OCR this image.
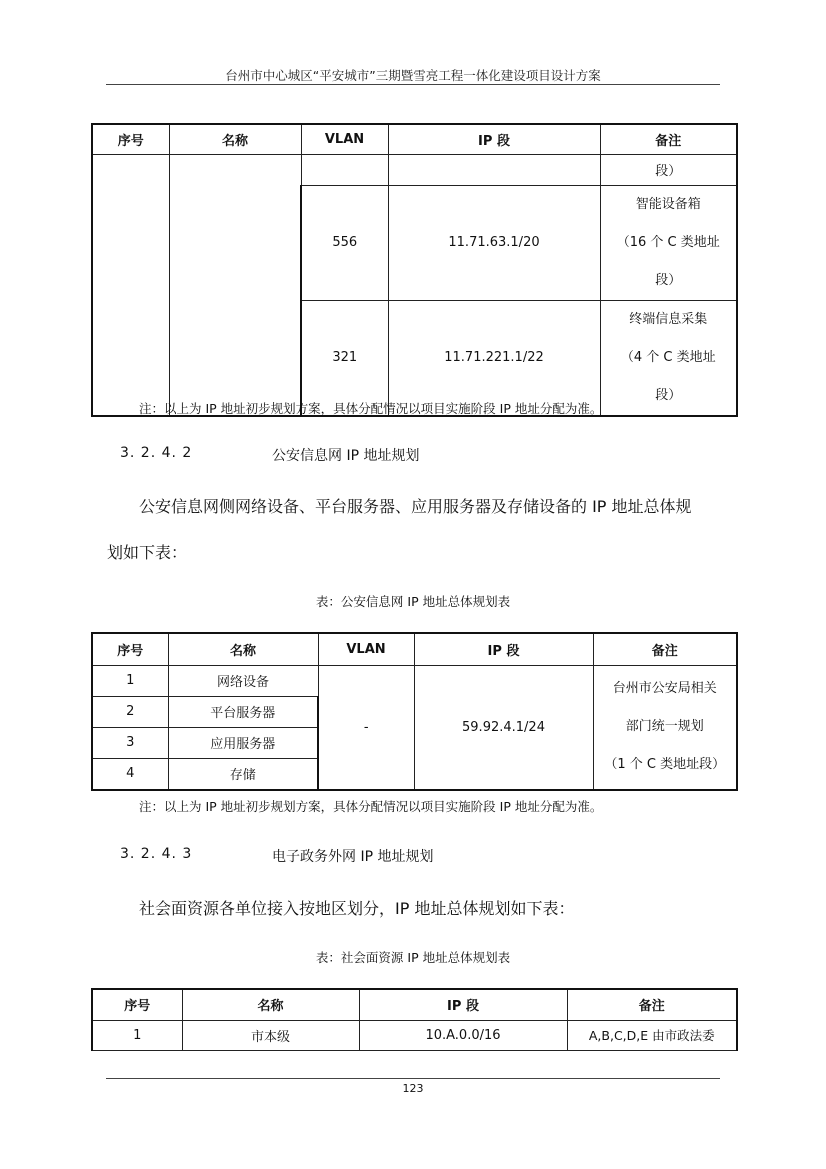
台州市中心城区“平安城市”三期暨雪亮工程一体化建设项目设计方案
序号	名称	VLAN	IP 段	备注
				段）
		556	11.71.63.1/20	智能设备箱
（16 个 C 类地址
段）

		321	11.71.221.1/22	终端信息采集
（4 个 C 类地址
段）
注：以上为 IP 地址初步规划方案，具体分配情况以项目实施阶段 IP 地址分配为准。
3. 2. 4. 2	公安信息网 IP 地址规划
公安信息网侧网络设备、平台服务器、应用服务器及存储设备的 IP 地址总体规
划如下表：
表：公安信息网 IP 地址总体规划表
序号	名称	VLAN	IP 段	备注
1	网络设备	-	59.92.4.1/24	台州市公安局相关
部门统一规划
（1 个 C 类地址段）

2	平台服务器			
3	应用服务器			
4	存储			
注：以上为 IP 地址初步规划方案，具体分配情况以项目实施阶段 IP 地址分配为准。
3. 2. 4. 3	电子政务外网 IP 地址规划
社会面资源各单位接入按地区划分，IP 地址总体规划如下表：
表：社会面资源 IP 地址总体规划表
序号	名称	IP 段	备注
1	市本级	10.A.0.0/16	A,B,C,D,E 由市政法委
123
